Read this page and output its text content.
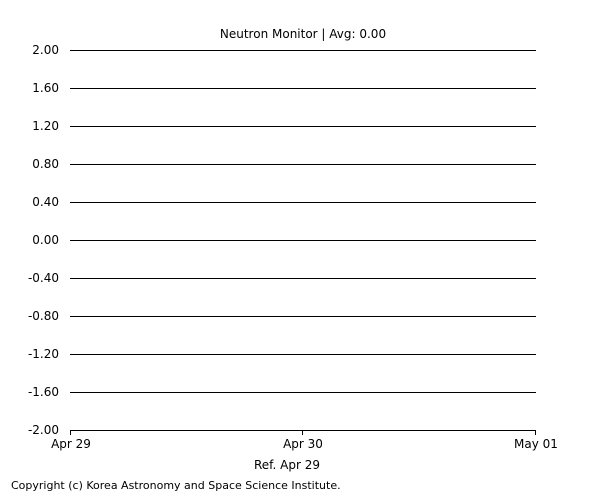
Neutron Monitor | Avg: 0.00
2.00
1.60
1.20
0.80
0.40
0.00
-0.40
-0.80
-1.20
-1.60
-2.00
Apr 29	Apr 30	May 01
Ref. Apr 29
Copyright (c) Korea Astronomy and Space Science Institute.
